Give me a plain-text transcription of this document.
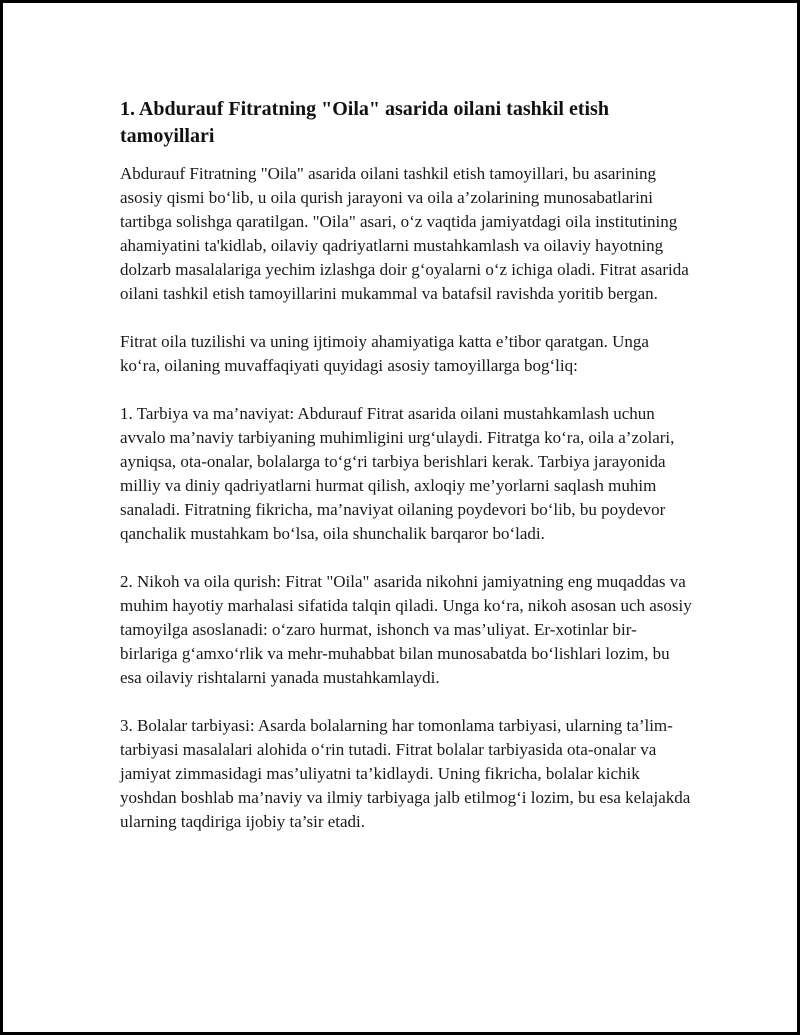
1. Abdurauf Fitratning "Oila" asarida oilani tashkil etish tamoyillari

Abdurauf Fitratning "Oila" asarida oilani tashkil etish tamoyillari, bu asarining asosiy qismi bo‘lib, u oila qurish jarayoni va oila a’zolarining munosabatlarini tartibga solishga qaratilgan. "Oila" asari, o‘z vaqtida jamiyatdagi oila institutining ahamiyatini ta'kidlab, oilaviy qadriyatlarni mustahkamlash va oilaviy hayotning dolzarb masalalariga yechim izlashga doir g‘oyalarni o‘z ichiga oladi. Fitrat asarida oilani tashkil etish tamoyillarini mukammal va batafsil ravishda yoritib bergan.

Fitrat oila tuzilishi va uning ijtimoiy ahamiyatiga katta e’tibor qaratgan. Unga ko‘ra, oilaning muvaffaqiyati quyidagi asosiy tamoyillarga bog‘liq:

1. Tarbiya va ma’naviyat: Abdurauf Fitrat asarida oilani mustahkamlash uchun avvalo ma’naviy tarbiyaning muhimligini urg‘ulaydi. Fitratga ko‘ra, oila a’zolari, ayniqsa, ota-onalar, bolalarga to‘g‘ri tarbiya berishlari kerak. Tarbiya jarayonida milliy va diniy qadriyatlarni hurmat qilish, axloqiy me’yorlarni saqlash muhim sanaladi. Fitratning fikricha, ma’naviyat oilaning poydevori bo‘lib, bu poydevor qanchalik mustahkam bo‘lsa, oila shunchalik barqaror bo‘ladi.

2. Nikoh va oila qurish: Fitrat "Oila" asarida nikohni jamiyatning eng muqaddas va muhim hayotiy marhalasi sifatida talqin qiladi. Unga ko‘ra, nikoh asosan uch asosiy tamoyilga asoslanadi: o‘zaro hurmat, ishonch va mas’uliyat. Er-xotinlar bir-birlariga g‘amxo‘rlik va mehr-muhabbat bilan munosabatda bo‘lishlari lozim, bu esa oilaviy rishtalarni yanada mustahkamlaydi.

3. Bolalar tarbiyasi: Asarda bolalarning har tomonlama tarbiyasi, ularning ta’lim-tarbiyasi masalalari alohida o‘rin tutadi. Fitrat bolalar tarbiyasida ota-onalar va jamiyat zimmasidagi mas’uliyatni ta’kidlaydi. Uning fikricha, bolalar kichik yoshdan boshlab ma’naviy va ilmiy tarbiyaga jalb etilmog‘i lozim, bu esa kelajakda ularning taqdiriga ijobiy ta’sir etadi.
